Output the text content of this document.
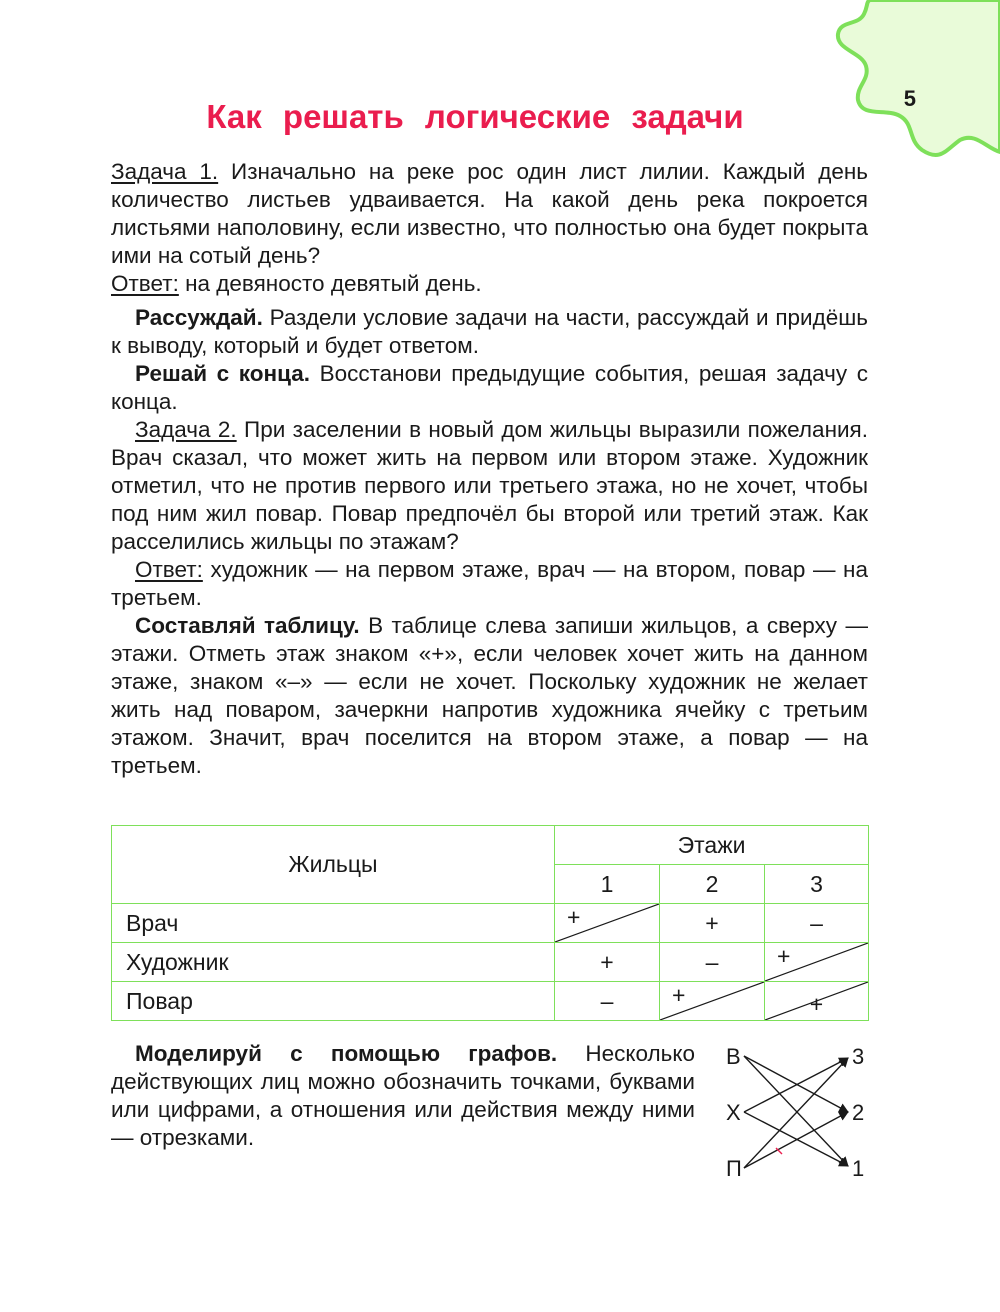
5
Как решать логические задачи

Задача 1. Изначально на реке рос один лист лилии. Каждый день количество листьев удваивается. На какой день река покроется листьями наполовину, если известно, что полностью она будет покрыта ими на сотый день?

Ответ: на девяносто девятый день.

Рассуждай. Раздели условие задачи на части, рассуждай и придёшь к выводу, который и будет ответом.

Решай с конца. Восстанови предыдущие события, решая задачу с конца.

Задача 2. При заселении в новый дом жильцы выразили пожелания. Врач сказал, что может жить на первом или втором этаже. Художник отметил, что не против первого или третьего этажа, но не хочет, чтобы под ним жил повар. Повар предпочёл бы второй или третий этаж. Как расселились жильцы по этажам?

Ответ: художник — на первом этаже, врач — на втором, повар — на третьем.

Составляй таблицу. В таблице слева запиши жильцов, а сверху — этажи. Отметь этаж знаком «+», если человек хочет жить на данном этаже, знаком «–» — если не хочет. Поскольку художник не желает жить над поваром, зачеркни напротив художника ячейку с третьим этажом. Значит, врач поселится на втором этаже, а повар — на третьем.

Жильцы	Этажи		
	1	2	3
Врач	+	+	–
Художник	+	–	+

Повар	–	+	+

Моделируй с помощью графов. Несколько действующих лиц можно обозначить точками, буквами или цифрами, а отношения или действия между ними — отрезками.

В
Х
П
3
2
1
